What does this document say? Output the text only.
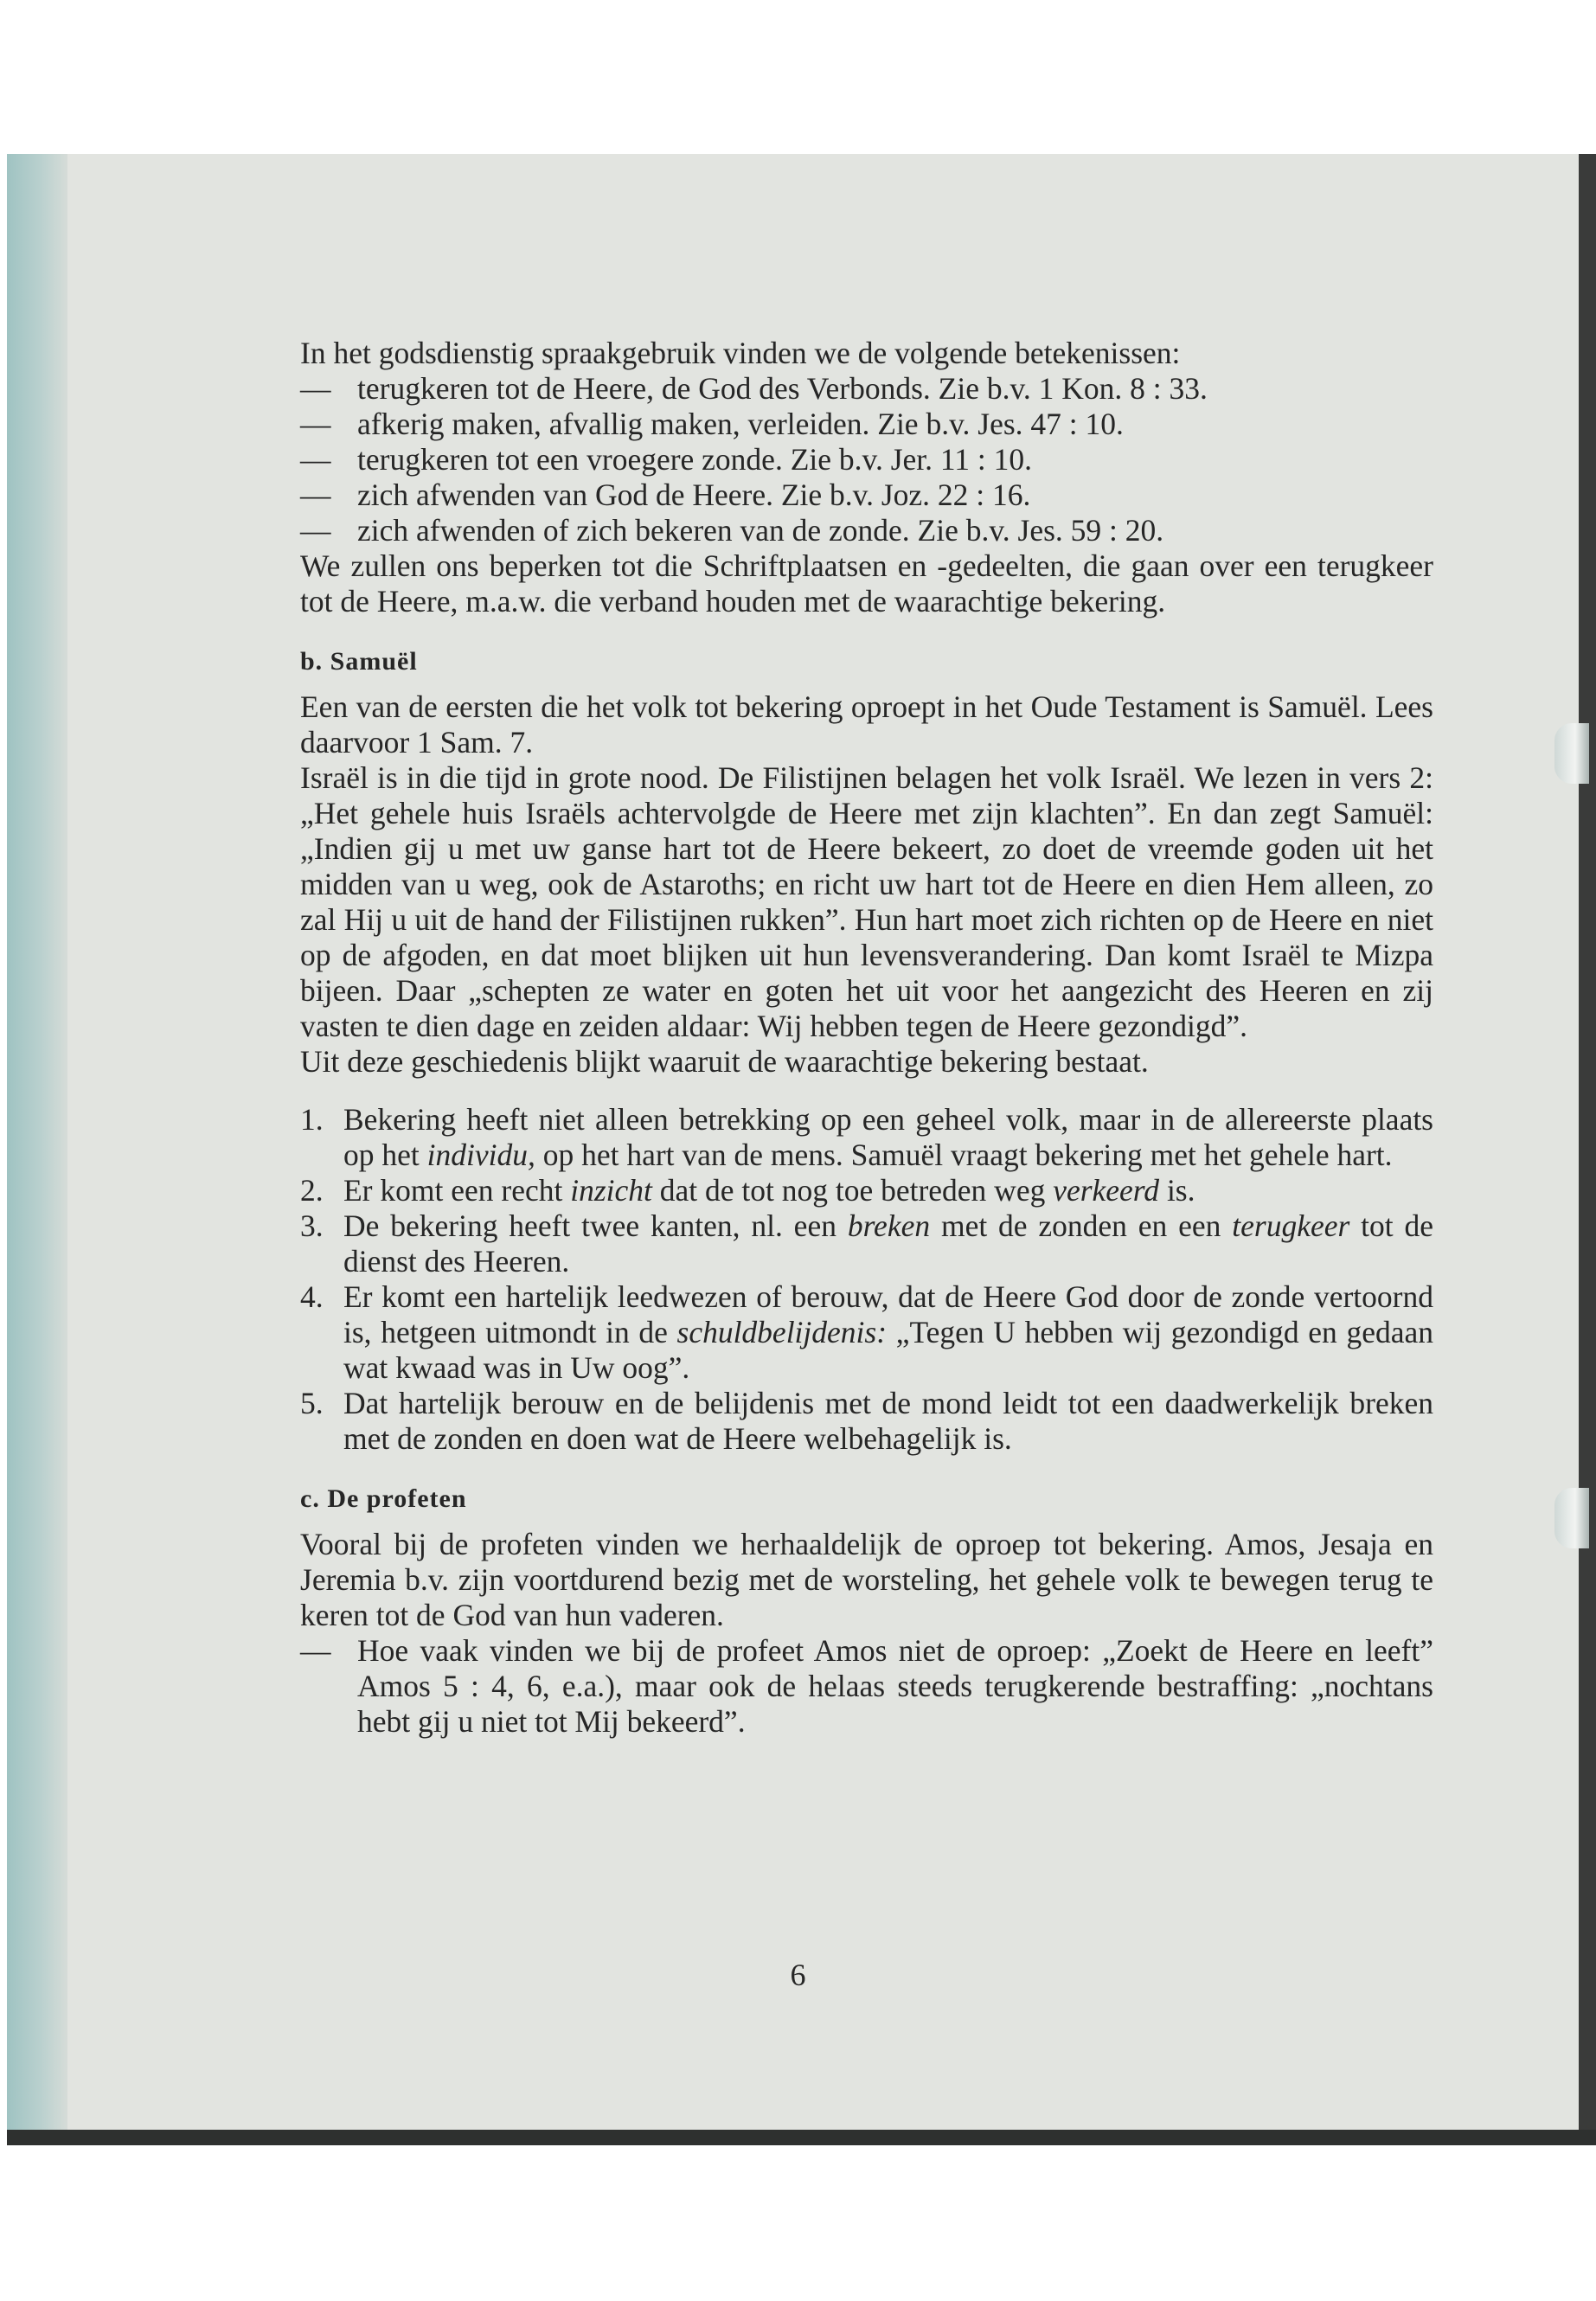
In het godsdienstig spraakgebruik vinden we de volgende betekenissen:

— terugkeren tot de Heere, de God des Verbonds. Zie b.v. 1 Kon. 8 : 33.
— afkerig maken, afvallig maken, verleiden. Zie b.v. Jes. 47 : 10.
— terugkeren tot een vroegere zonde. Zie b.v. Jer. 11 : 10.
— zich afwenden van God de Heere. Zie b.v. Joz. 22 : 16.
— zich afwenden of zich bekeren van de zonde. Zie b.v. Jes. 59 : 20.

We zullen ons beperken tot die Schriftplaatsen en -gedeelten, die gaan over een terugkeer tot de Heere, m.a.w. die verband houden met de waarachtige bekering.

b. Samuël

Een van de eersten die het volk tot bekering oproept in het Oude Testament is Samuël. Lees daarvoor 1 Sam. 7.

Israël is in die tijd in grote nood. De Filistijnen belagen het volk Israël. We lezen in vers 2: „Het gehele huis Israëls achtervolgde de Heere met zijn klachten”. En dan zegt Samuël: „Indien gij u met uw ganse hart tot de Heere bekeert, zo doet de vreemde goden uit het midden van u weg, ook de Astaroths; en richt uw hart tot de Heere en dien Hem alleen, zo zal Hij u uit de hand der Filistijnen rukken”. Hun hart moet zich richten op de Heere en niet op de afgoden, en dat moet blijken uit hun levensverandering. Dan komt Israël te Mizpa bijeen. Daar „schepten ze water en goten het uit voor het aangezicht des Heeren en zij vasten te dien dage en zeiden aldaar: Wij hebben tegen de Heere gezondigd”.

Uit deze geschiedenis blijkt waaruit de waarachtige bekering bestaat.

1. Bekering heeft niet alleen betrekking op een geheel volk, maar in de allereerste plaats op het individu, op het hart van de mens. Samuël vraagt bekering met het gehele hart.
2. Er komt een recht inzicht dat de tot nog toe betreden weg verkeerd is.
3. De bekering heeft twee kanten, nl. een breken met de zonden en een terugkeer tot de dienst des Heeren.
4. Er komt een hartelijk leedwezen of berouw, dat de Heere God door de zonde vertoornd is, hetgeen uitmondt in de schuldbelijdenis: „Tegen U hebben wij gezondigd en gedaan wat kwaad was in Uw oog”.
5. Dat hartelijk berouw en de belijdenis met de mond leidt tot een daadwerkelijk breken met de zonden en doen wat de Heere welbehagelijk is.
c. De profeten

Vooral bij de profeten vinden we herhaaldelijk de oproep tot bekering. Amos, Jesaja en Jeremia b.v. zijn voortdurend bezig met de worsteling, het gehele volk te bewegen terug te keren tot de God van hun vaderen.

— Hoe vaak vinden we bij de profeet Amos niet de oproep: „Zoekt de Heere en leeft” Amos 5 : 4, 6, e.a.), maar ook de helaas steeds terugkerende bestraffing: „nochtans hebt gij u niet tot Mij bekeerd”.
6
